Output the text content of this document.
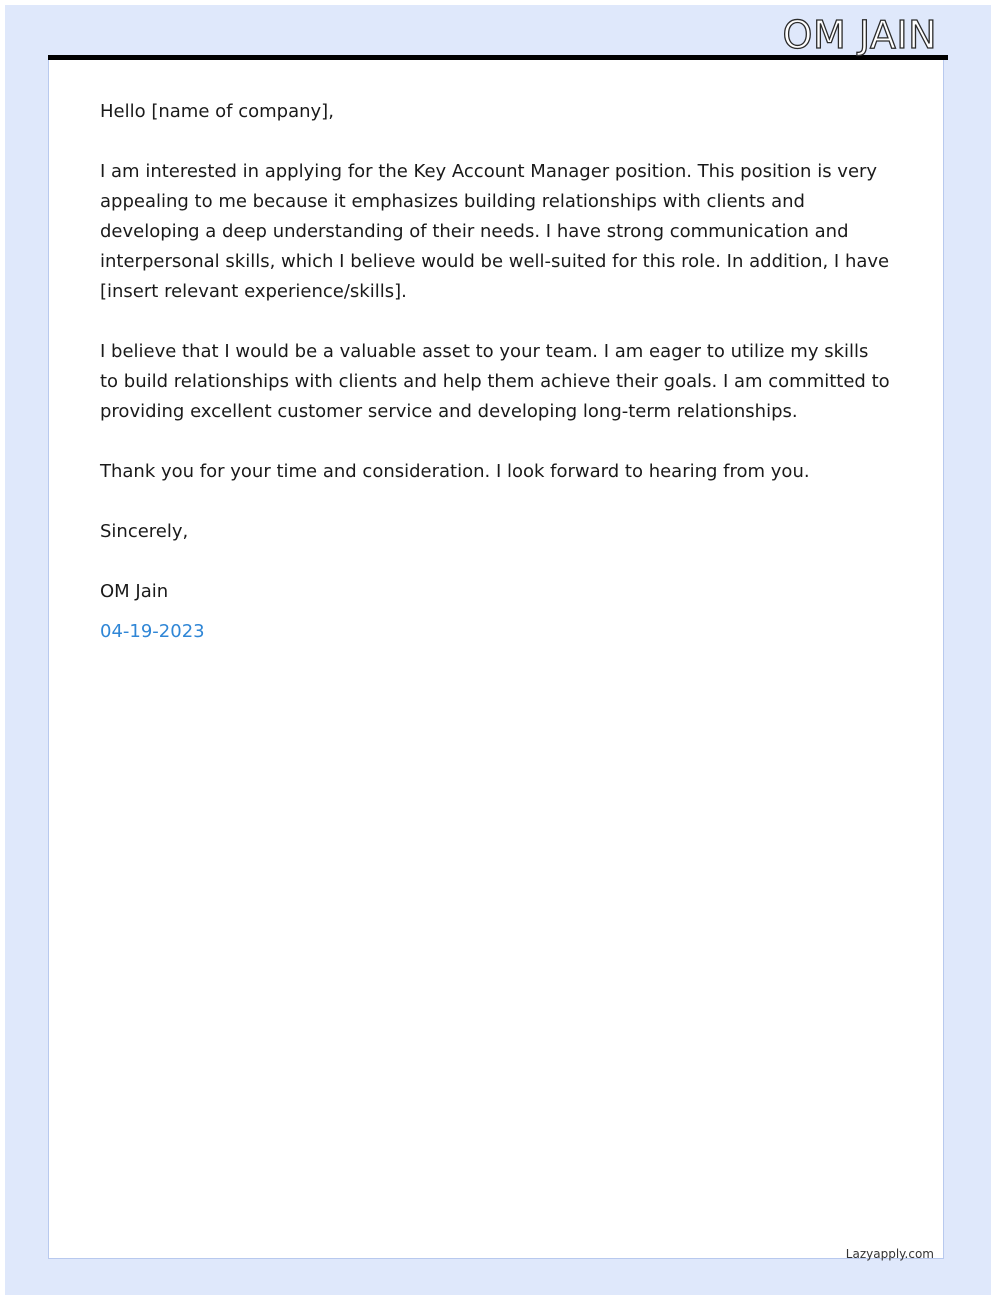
OM JAIN

Hello [name of company],

I am interested in applying for the Key Account Manager position. This position is very appealing to me because it emphasizes building relationships with clients and developing a deep understanding of their needs. I have strong communication and interpersonal skills, which I believe would be well-suited for this role. In addition, I have [insert relevant experience/skills].

I believe that I would be a valuable asset to your team. I am eager to utilize my skills to build relationships with clients and help them achieve their goals. I am committed to providing excellent customer service and developing long-term relationships.

Thank you for your time and consideration. I look forward to hearing from you.

Sincerely,

OM Jain

04-19-2023

Lazyapply.com
